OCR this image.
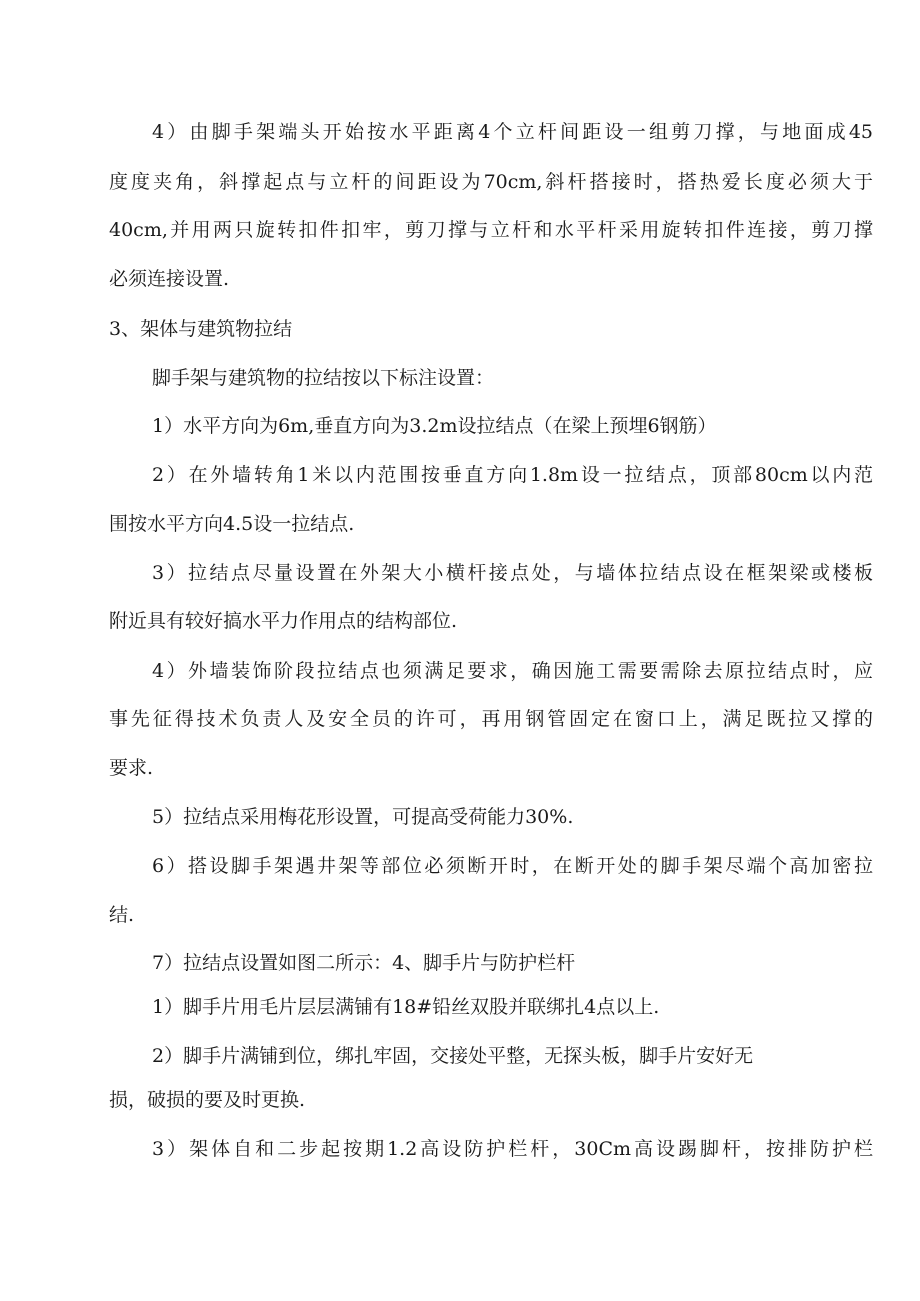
4）由脚手架端头开始按水平距离4个立杆间距设一组剪刀撑，与地面成45
度度夹角，斜撑起点与立杆的间距设为70cm,斜杆搭接时，搭热爱长度必须大于
40cm,并用两只旋转扣件扣牢，剪刀撑与立杆和水平杆采用旋转扣件连接，剪刀撑
必须连接设置.
3、架体与建筑物拉结
脚手架与建筑物的拉结按以下标注设置：
1）水平方向为6m,垂直方向为3.2m设拉结点（在梁上预埋6钢筋）
2）在外墙转角1米以内范围按垂直方向1.8m设一拉结点，顶部80cm以内范
围按水平方向4.5设一拉结点.
3）拉结点尽量设置在外架大小横杆接点处，与墙体拉结点设在框架梁或楼板
附近具有较好搞水平力作用点的结构部位.
4）外墙装饰阶段拉结点也须满足要求，确因施工需要需除去原拉结点时，应
事先征得技术负责人及安全员的许可，再用钢管固定在窗口上，满足既拉又撑的
要求.
5）拉结点采用梅花形设置，可提高受荷能力30%.
6）搭设脚手架遇井架等部位必须断开时，在断开处的脚手架尽端个高加密拉
结.
7）拉结点设置如图二所示：4、脚手片与防护栏杆
1）脚手片用毛片层层满铺有18#铅丝双股并联绑扎4点以上.
2）脚手片满铺到位，绑扎牢固，交接处平整，无探头板，脚手片安好无
损，破损的要及时更换.
3）架体自和二步起按期1.2高设防护栏杆，30Cm高设踢脚杆，按排防护栏
